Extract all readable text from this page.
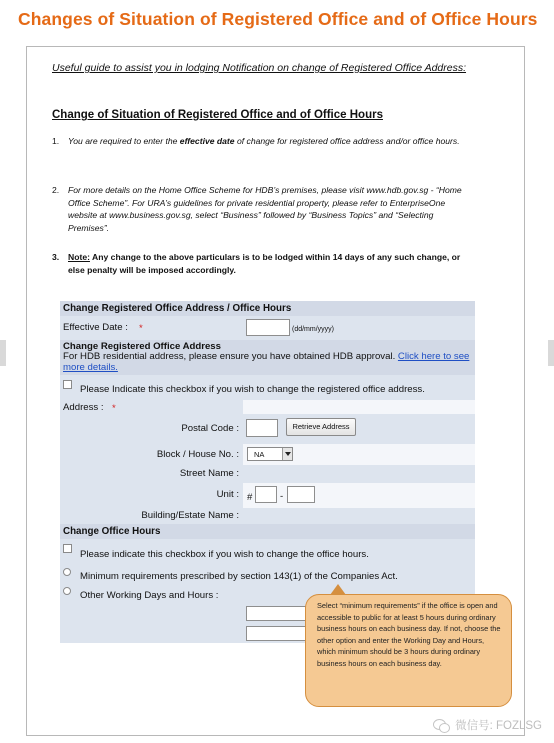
Changes of Situation of Registered Office and of Office Hours
Useful guide to assist you in lodging Notification on change of Registered Office Address:
Change of Situation of Registered Office and of Office Hours
1. You are required to enter the effective date of change for registered office address and/or office hours.
2. For more details on the Home Office Scheme for HDB’s premises, please visit www.hdb.gov.sg - “Home Office Scheme”. For URA’s guidelines for private residential property, please refer to EnterpriseOne website at www.business.gov.sg, select “Business” followed by “Business Topics” and “Selecting Premises”.
3. Note: Any change to the above particulars is to be lodged within 14 days of any such change, or else penalty will be imposed accordingly.
Change Registered Office Address / Office Hours
Effective Date : *	(dd/mm/yyyy)
Change Registered Office Address
For HDB residential address, please ensure you have obtained HDB approval. Click here to see more details.
Please Indicate this checkbox if you wish to change the registered office address.
Address : *
Postal Code :	Retrieve Address
Block / House No. : NA
Street Name :
Unit : #	-
Building/Estate Name :
Change Office Hours
Please indicate this checkbox if you wish to change the office hours.
Minimum requirements prescribed by section 143(1) of the Companies Act.
Other Working Days and Hours :
Select “minimum requirements” if the office is open and accessible to public for at least 5 hours during ordinary business hours on each business day. If not, choose the other option and enter the Working Day and Hours, which minimum should be 3 hours during ordinary business hours on each business day.
微信号: FOZLSG
